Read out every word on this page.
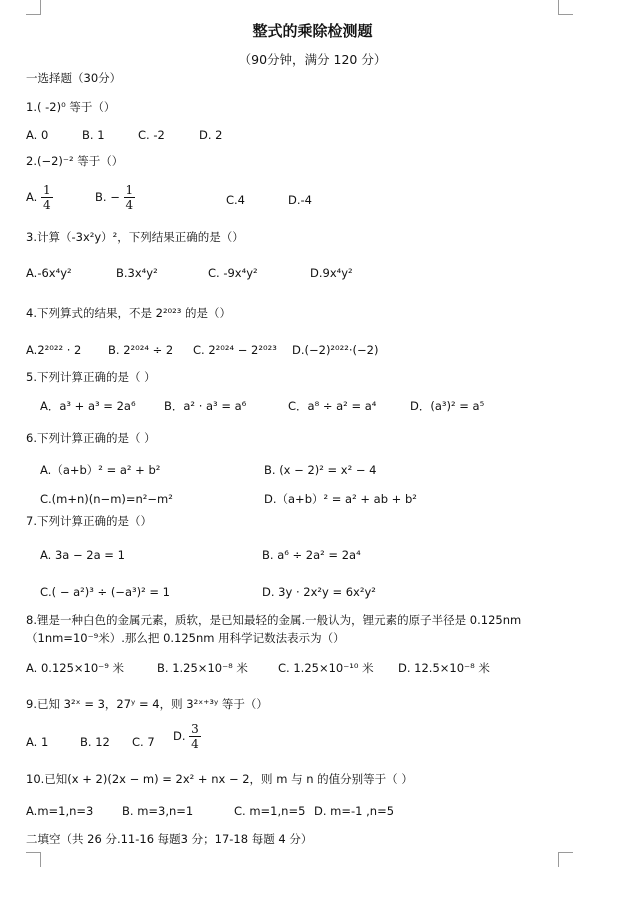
整式的乘除检测题
（90分钟，满分 120 分）
一选择题（30分）
1.( -2)⁰ 等于（）
A. 0	B. 1	C. -2	D. 2
2.(−2)⁻² 等于（）
A. $\frac{1}{4}$	B. − $\frac{1}{4}$	C.4	D.-4
3.计算（-3x²y）²，下列结果正确的是（）
A.-6x⁴y²	B.3x⁴y²	C. -9x⁴y²	D.9x⁴y²
4.下列算式的结果，不是 2²⁰²³ 的是（）
A.2²⁰²² · 2 B. 2²⁰²⁴ ÷ 2 C. 2²⁰²⁴ − 2²⁰²³ D.(−2)²⁰²²·(−2)
5.下列计算正确的是（ ）
A．a³ + a³ = 2a⁶ B．a² · a³ = a⁶	C．a⁸ ÷ a² = a⁴	D．(a³)² = a⁵
6.下列计算正确的是（ ）
A.（a+b）² = a² + b²	B. (x − 2)² = x² − 4
C.(m+n)(n−m)=n²−m²	D.（a+b）² = a² + ab + b²
7.下列计算正确的是（）
A. 3a − 2a = 1	B. a⁶ ÷ 2a² = 2a⁴
C.( − a²)³ ÷ (−a³)² = 1	D. 3y · 2x²y = 6x²y²
8.锂是一种白色的金属元素，质软，是已知最轻的金属.一般认为，锂元素的原子半径是 0.125nm
（1nm=10⁻⁹米）.那么把 0.125nm 用科学记数法表示为（）
A. 0.125×10⁻⁹ 米	B. 1.25×10⁻⁸ 米	C. 1.25×10⁻¹⁰ 米 D. 12.5×10⁻⁸ 米
9.已知 3²ˣ = 3，27ʸ = 4，则 3²ˣ⁺³ʸ 等于（）
A. 1	B. 12 C. 7 D. $\frac{3}{4}$
10.已知(x + 2)(2x − m) = 2x² + nx − 2，则 m 与 n 的值分别等于（ ）
A.m=1,n=3 B. m=3,n=1	C. m=1,n=5 D. m=-1 ,n=5
二填空（共 26 分.11-16 每题3 分；17-18 每题 4 分）
